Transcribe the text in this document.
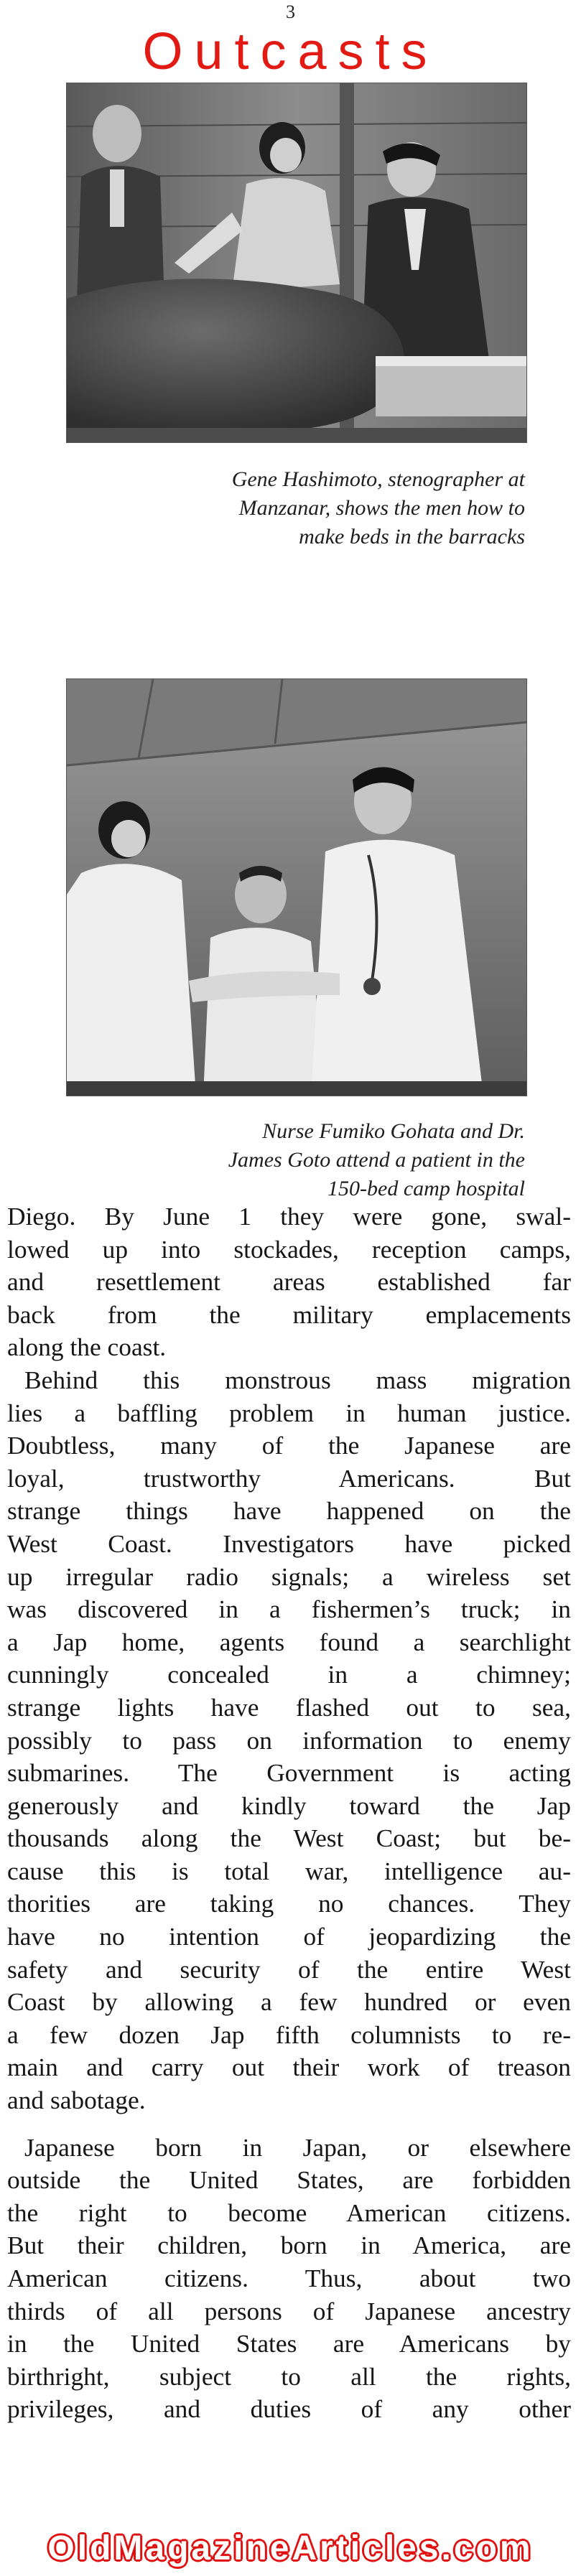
3
Outcasts
Gene Hashimoto, stenographer at
Manzanar, shows the men how to
make beds in the barracks
Nurse Fumiko Gohata and Dr.
James Goto attend a patient in the
150-bed camp hospital
Diego. By June 1 they were gone, swal-
lowed up into stockades, reception camps,
and resettlement areas established far
back from the military emplacements
along the coast.
Behind this monstrous mass migration
lies a baffling problem in human justice.
Doubtless, many of the Japanese are
loyal, trustworthy Americans. But
strange things have happened on the
West Coast. Investigators have picked
up irregular radio signals; a wireless set
was discovered in a fishermen’s truck; in
a Jap home, agents found a searchlight
cunningly concealed in a chimney;
strange lights have flashed out to sea,
possibly to pass on information to enemy
submarines. The Government is acting
generously and kindly toward the Jap
thousands along the West Coast; but be-
cause this is total war, intelligence au-
thorities are taking no chances. They
have no intention of jeopardizing the
safety and security of the entire West
Coast by allowing a few hundred or even
a few dozen Jap fifth columnists to re-
main and carry out their work of treason
and sabotage.
Japanese born in Japan, or elsewhere
outside the United States, are forbidden
the right to become American citizens.
But their children, born in America, are
American citizens. Thus, about two
thirds of all persons of Japanese ancestry
in the United States are Americans by
birthright, subject to all the rights,
privileges, and duties of any other
OldMagazineArticles.com
